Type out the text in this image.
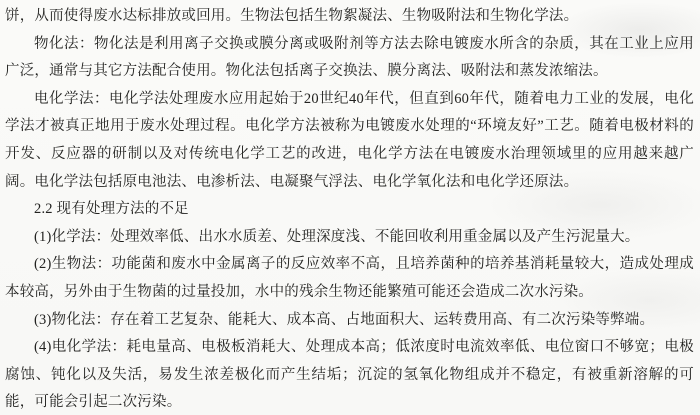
饼，从而使得废水达标排放或回用。生物法包括生物絮凝法、生物吸附法和生物化学法。

物化法：物化法是利用离子交换或膜分离或吸附剂等方法去除电镀废水所含的杂质，其在工业上应用广泛，通常与其它方法配合使用。物化法包括离子交换法、膜分离法、吸附法和蒸发浓缩法。

电化学法：电化学法处理废水应用起始于20世纪40年代，但直到60年代，随着电力工业的发展，电化学法才被真正地用于废水处理过程。电化学方法被称为电镀废水处理的“环境友好”工艺。随着电极材料的开发、反应器的研制以及对传统电化学工艺的改进，电化学方法在电镀废水治理领域里的应用越来越广阔。电化学法包括原电池法、电渗析法、电凝聚气浮法、电化学氧化法和电化学还原法。

2.2 现有处理方法的不足

(1)化学法：处理效率低、出水水质差、处理深度浅、不能回收利用重金属以及产生污泥量大。

(2)生物法：功能菌和废水中金属离子的反应效率不高，且培养菌种的培养基消耗量较大，造成处理成本较高，另外由于生物菌的过量投加，水中的残余生物还能繁殖可能还会造成二次水污染。

(3)物化法：存在着工艺复杂、能耗大、成本高、占地面积大、运转费用高、有二次污染等弊端。

(4)电化学法：耗电量高、电极板消耗大、处理成本高；低浓度时电流效率低、电位窗口不够宽；电极腐蚀、钝化以及失活，易发生浓差极化而产生结垢；沉淀的氢氧化物组成并不稳定，有被重新溶解的可能，可能会引起二次污染。
